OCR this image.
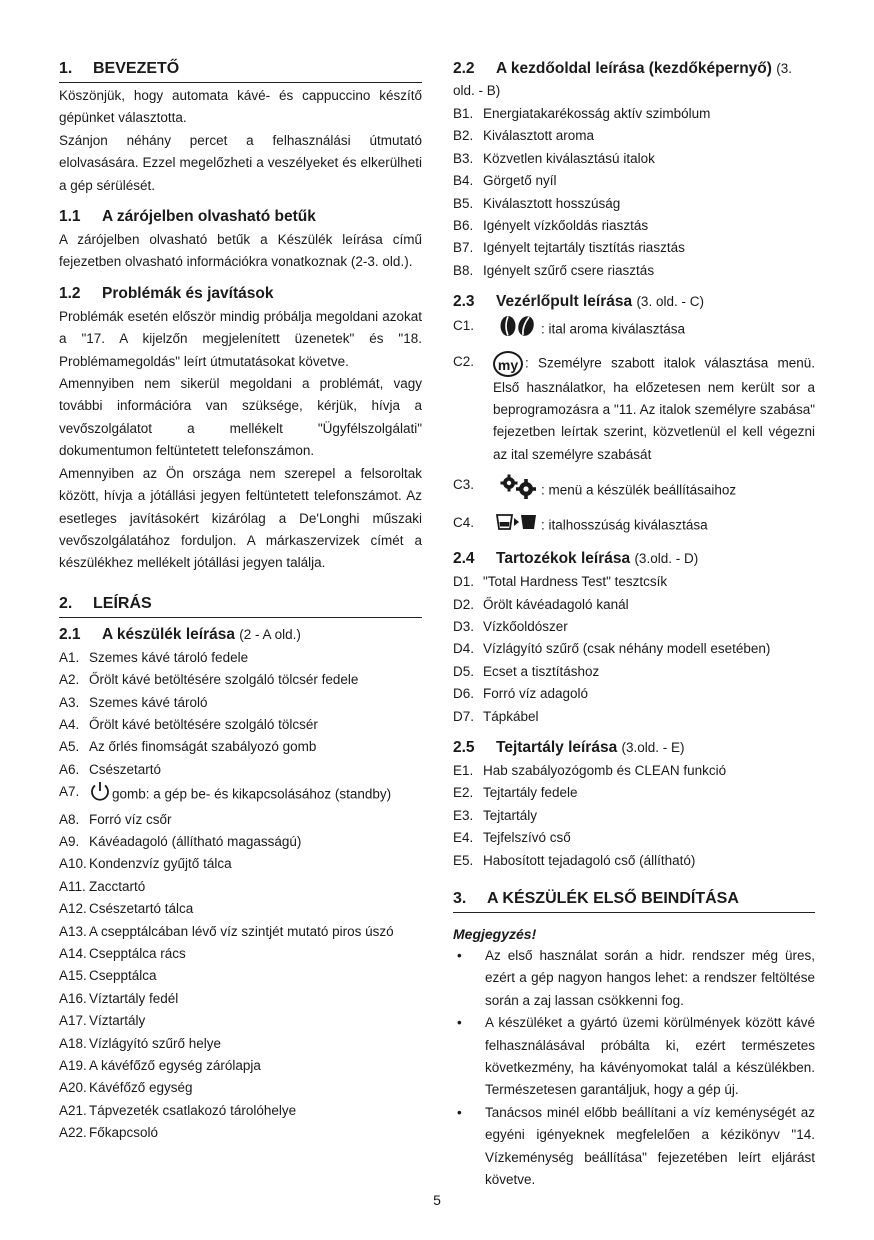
1. BEVEZETŐ

Köszönjük, hogy automata kávé- és cappuccino készítő gépünket választotta.

Szánjon néhány percet a felhasználási útmutató elolvasására. Ezzel megelőzheti a veszélyeket és elkerülheti a gép sérülését.

1.1 A zárójelben olvasható betűk

A zárójelben olvasható betűk a Készülék leírása című fejezetben olvasható információkra vonatkoznak (2-3. old.).

1.2 Problémák és javítások

Problémák esetén először mindig próbálja megoldani azokat a "17. A kijelzőn megjelenített üzenetek" és "18. Problémamegoldás" leírt útmutatásokat követve.

Amennyiben nem sikerül megoldani a problémát, vagy további információra van szüksége, kérjük, hívja a vevőszolgálatot a mellékelt "Ügyfélszolgálati" dokumentumon feltüntetett telefonszámon.

Amennyiben az Ön országa nem szerepel a felsoroltak között, hívja a jótállási jegyen feltüntetett telefonszámot. Az esetleges javításokért kizárólag a De'Longhi műszaki vevőszolgálatához forduljon. A márkaszervizek címét a készülékhez mellékelt jótállási jegyen találja.

2. LEÍRÁS
2.1 A készülék leírása (2 - A old.)
A1. Szemes kávé tároló fedele
A2. Őrölt kávé betöltésére szolgáló tölcsér fedele
A3. Szemes kávé tároló
A4. Őrölt kávé betöltésére szolgáló tölcsér
A5. Az őrlés finomságát szabályozó gomb
A6. Csészetartó
A7.	gomb: a gép be- és kikapcsolásához (standby)
A8. Forró víz csőr
A9. Kávéadagoló (állítható magasságú)
A10. Kondenzvíz gyűjtő tálca
A11. Zacctartó
A12. Csészetartó tálca
A13. A csepptálcában lévő víz szintjét mutató piros úszó
A14. Csepptálca rács
A15. Csepptálca
A16. Víztartály fedél
A17. Víztartály
A18. Vízlágyító szűrő helye
A19. A kávéfőző egység zárólapja
A20. Kávéfőző egység
A21. Tápvezeték csatlakozó tárolóhelye
A22. Főkapcsoló
2.2 A kezdőoldal leírása (kezdőképernyő) (3. old. - B)
B1. Energiatakarékosság aktív szimbólum
B2. Kiválasztott aroma
B3. Közvetlen kiválasztású italok
B4. Görgető nyíl
B5. Kiválasztott hosszúság
B6. Igényelt vízkőoldás riasztás
B7. Igényelt tejtartály tisztítás riasztás
B8. Igényelt szűrő csere riasztás
2.3 Vezérlőpult leírása (3. old. - C)
C1.	: ital aroma kiválasztása
C2.	my : Személyre szabott italok választása menü. Első használatkor, ha előzetesen nem került sor a beprogramozásra a "11. Az italok személyre szabása" fejezetben leírtak szerint, közvetlenül el kell végezni az ital személyre szabását
C3.	: menü a készülék beállításaihoz
C4.	: italhosszúság kiválasztása
2.4 Tartozékok leírása (3.old. - D)
D1. "Total Hardness Test" tesztcsík
D2. Őrölt kávéadagoló kanál
D3. Vízkőoldószer
D4. Vízlágyító szűrő (csak néhány modell esetében)
D5. Ecset a tisztításhoz
D6. Forró víz adagoló
D7. Tápkábel
2.5 Tejtartály leírása (3.old. - E)
E1. Hab szabályozógomb és CLEAN funkció
E2. Tejtartály fedele
E3. Tejtartály
E4. Tejfelszívó cső
E5. Habosított tejadagoló cső (állítható)
3. A KÉSZÜLÉK ELSŐ BEINDÍTÁSA
Megjegyzés!
•	Az első használat során a hidr. rendszer még üres, ezért a gép nagyon hangos lehet: a rendszer feltöltése során a zaj lassan csökkenni fog.
•	A készüléket a gyártó üzemi körülmények között kávé felhasználásával próbálta ki, ezért természetes következmény, ha kávényomokat talál a készülékben. Természetesen garantáljuk, hogy a gép új.
•	Tanácsos minél előbb beállítani a víz keménységét az egyéni igényeknek megfelelően a kézikönyv "14. Vízkeménység beállítása" fejezetében leírt eljárást követve.
5
